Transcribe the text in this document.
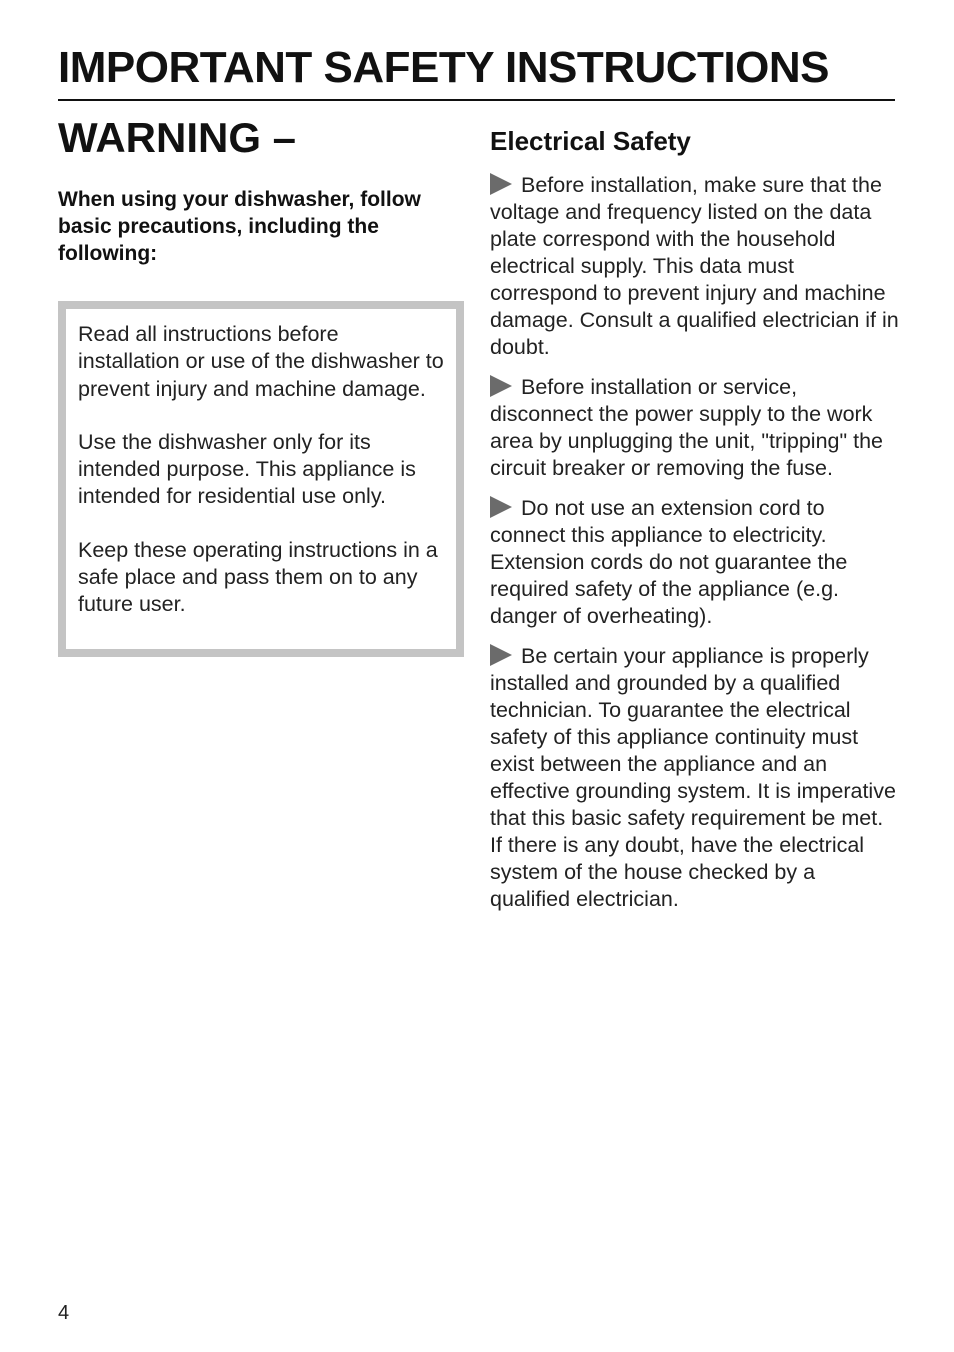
IMPORTANT SAFETY INSTRUCTIONS
WARNING –

When using your dishwasher, follow basic precautions, including the following:

Read all instructions before installation or use of the dishwasher to prevent injury and machine damage.

Use the dishwasher only for its intended purpose. This appliance is intended for residential use only.

Keep these operating instructions in a safe place and pass them on to any future user.

Electrical Safety

Before installation, make sure that the voltage and frequency listed on the data plate correspond with the household electrical supply. This data must correspond to prevent injury and machine damage. Consult a qualified electrician if in doubt.

Before installation or service, disconnect the power supply to the work area by unplugging the unit, "tripping" the circuit breaker or removing the fuse.

Do not use an extension cord to connect this appliance to electricity. Extension cords do not guarantee the required safety of the appliance (e.g. danger of overheating).

Be certain your appliance is properly installed and grounded by a qualified technician. To guarantee the electrical safety of this appliance continuity must exist between the appliance and an effective grounding system. It is imperative that this basic safety requirement be met. If there is any doubt, have the electrical system of the house checked by a qualified electrician.

4
